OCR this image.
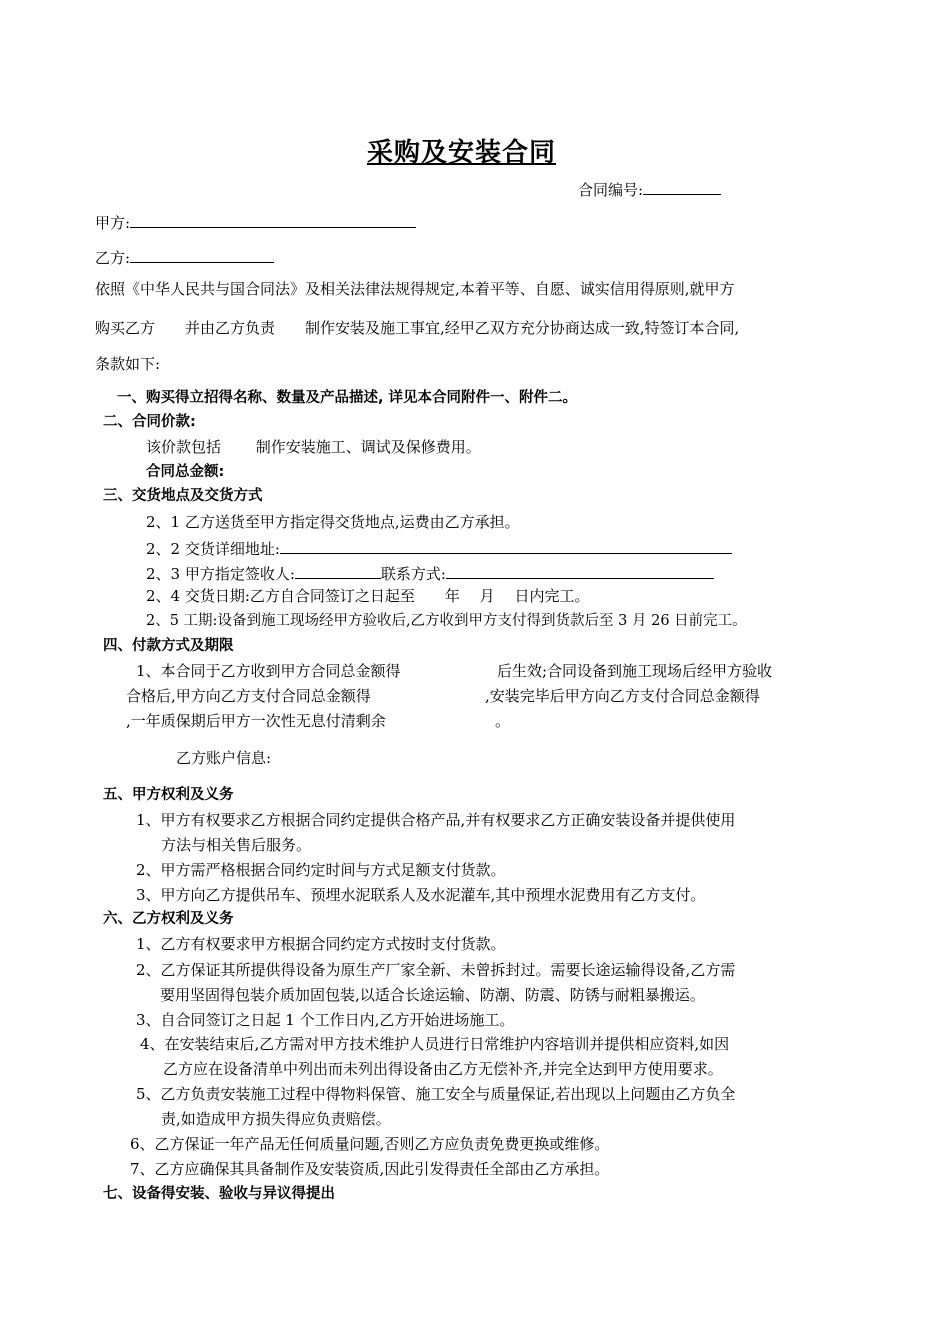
采购及安装合同
合同编号:
甲方:
乙方:
依照《中华人民共与国合同法》及相关法律法规得规定,本着平等、自愿、诚实信用得原则,就甲方
购买乙方　　并由乙方负责　　制作安装及施工事宜,经甲乙双方充分协商达成一致,特签订本合同,
条款如下:
一、购买得立招得名称、数量及产品描述, 详见本合同附件一、附件二。
二、合同价款:
该价款包括　　 制作安装施工、调试及保修费用。
合同总金额:
三、交货地点及交货方式
2、1 乙方送货至甲方指定得交货地点,运费由乙方承担。
2、2 交货详细地址:
2、3 甲方指定签收人:	联系方式:
2、4 交货日期:乙方自合同签订之日起至　　年　 月　 日内完工。
2、5 工期:设备到施工现场经甲方验收后,乙方收到甲方支付得到货款后至 3 月 26 日前完工。
四、付款方式及期限
1、本合同于乙方收到甲方合同总金额得	后生效;合同设备到施工现场后经甲方验收
合格后,甲方向乙方支付合同总金额得	,安装完毕后甲方向乙方支付合同总金额得
,一年质保期后甲方一次性无息付清剩余	。
乙方账户信息:
五、甲方权利及义务
1、甲方有权要求乙方根据合同约定提供合格产品,并有权要求乙方正确安装设备并提供使用
方法与相关售后服务。
2、甲方需严格根据合同约定时间与方式足额支付货款。
3、甲方向乙方提供吊车、预埋水泥联系人及水泥灌车,其中预埋水泥费用有乙方支付。
六、乙方权利及义务
1、乙方有权要求甲方根据合同约定方式按时支付货款。
2、乙方保证其所提供得设备为原生产厂家全新、未曾拆封过。需要长途运输得设备,乙方需
要用坚固得包装介质加固包装,以适合长途运输、防潮、防震、防锈与耐粗暴搬运。
3、自合同签订之日起 1 个工作日内,乙方开始进场施工。
4、在安装结束后,乙方需对甲方技术维护人员进行日常维护内容培训并提供相应资料,如因
乙方应在设备清单中列出而未列出得设备由乙方无偿补齐,并完全达到甲方使用要求。
5、乙方负责安装施工过程中得物料保管、施工安全与质量保证,若出现以上问题由乙方负全
责,如造成甲方损失得应负责赔偿。
6、乙方保证一年产品无任何质量问题,否则乙方应负责免费更换或维修。
7、乙方应确保其具备制作及安装资质,因此引发得责任全部由乙方承担。
七、设备得安装、验收与异议得提出
